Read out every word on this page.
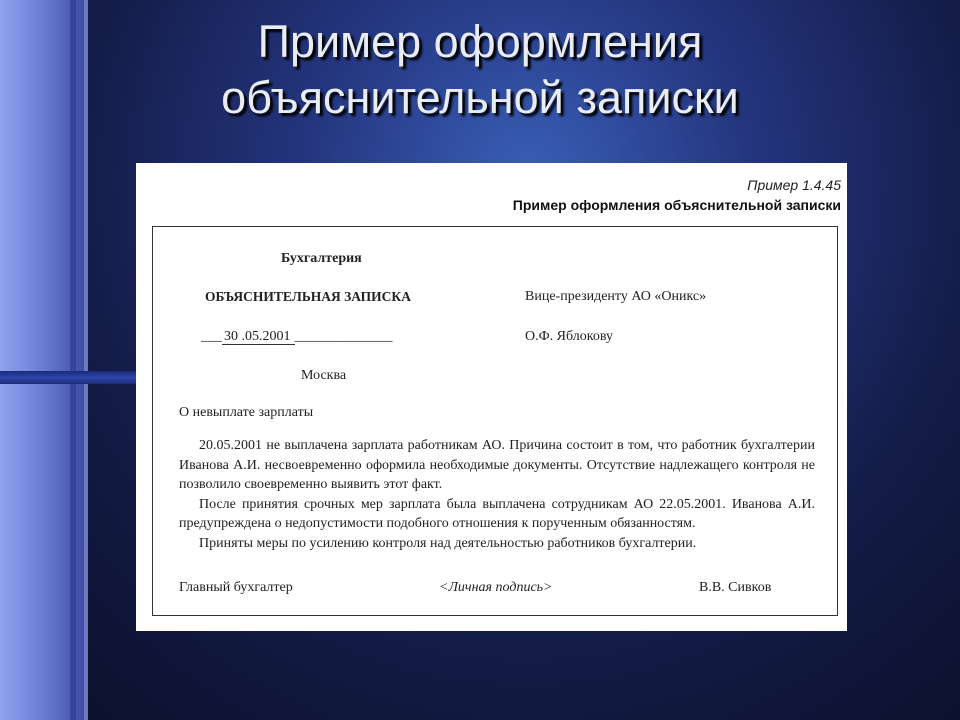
Пример оформления
объяснительной записки
Пример 1.4.45
Пример оформления объяснительной записки
Бухгалтерия
ОБЪЯСНИТЕЛЬНАЯ ЗАПИСКА	Вице-президенту АО «Оникс»
___ 30 .05.2001 ______________	О.Ф. Яблокову
Москва
О невыплате зарплаты

20.05.2001 не выплачена зарплата работникам АО. Причина состоит в том, что работник бухгалтерии Иванова А.И. несвоевременно оформила необходимые документы. Отсутствие надлежащего контроля не позволило своевременно выявить этот факт.

После принятия срочных мер зарплата была выплачена сотрудникам АО 22.05.2001. Иванова А.И. предупреждена о недопустимости подобного отношения к порученным обязанностям.

Приняты меры по усилению контроля над деятельностью работников бухгалтерии.

Главный бухгалтер	<Личная подпись>	В.В. Сивков
